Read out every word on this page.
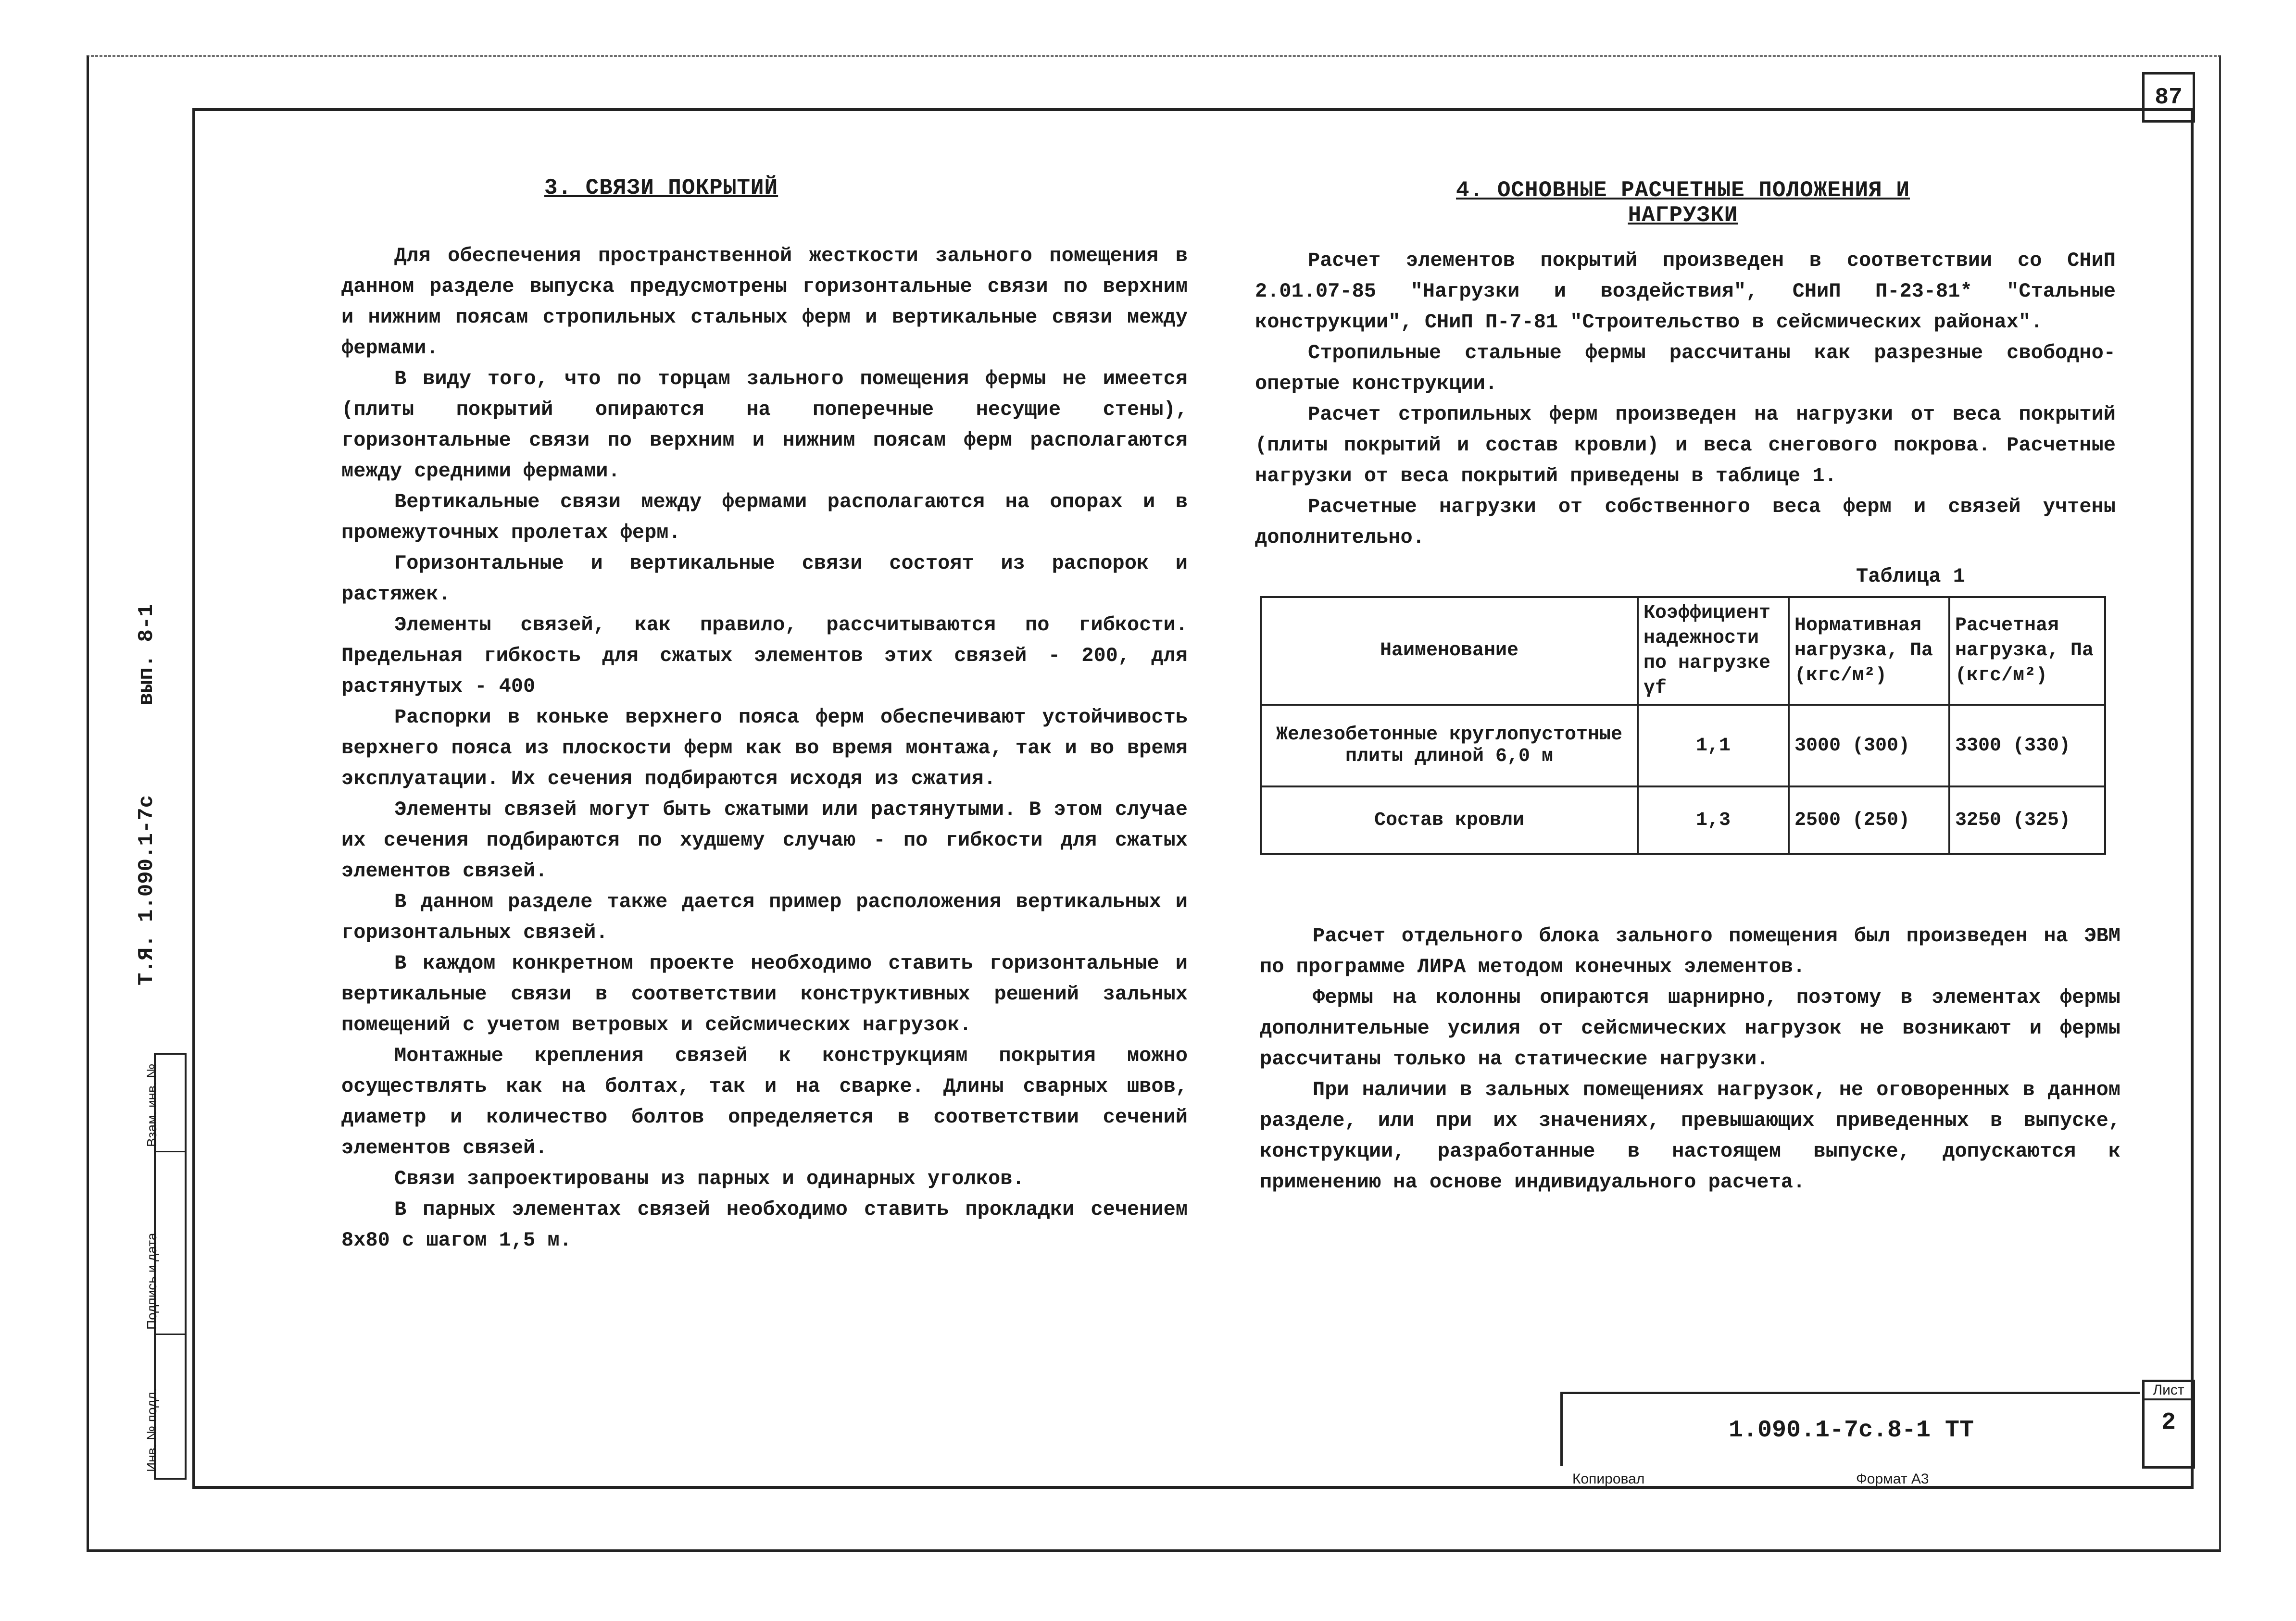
87
Т.Я. 1.090.1-7с вып. 8-1
Взам. инв. №
Подпись и дата
Инв. № подл.
3. СВЯЗИ ПОКРЫТИЙ

Для обеспечения пространственной жесткости зального помещения в данном разделе выпуска предусмотрены горизонтальные связи по верхним и нижним поясам стропильных стальных ферм и вертикальные связи между фермами.

В виду того, что по торцам зального помещения фермы не имеется (плиты покрытий опираются на поперечные несущие стены), горизонтальные связи по верхним и нижним поясам ферм располагаются между средними фермами.

Вертикальные связи между фермами располагаются на опорах и в промежуточных пролетах ферм.

Горизонтальные и вертикальные связи состоят из распорок и растяжек.

Элементы связей, как правило, рассчитываются по гибкости. Предельная гибкость для сжатых элементов этих связей - 200, для растянутых - 400

Распорки в коньке верхнего пояса ферм обеспечивают устойчивость верхнего пояса из плоскости ферм как во время монтажа, так и во время эксплуатации. Их сечения подбираются исходя из сжатия.

Элементы связей могут быть сжатыми или растянутыми. В этом случае их сечения подбираются по худшему случаю - по гибкости для сжатых элементов связей.

В данном разделе также дается пример расположения вертикальных и горизонтальных связей.

В каждом конкретном проекте необходимо ставить горизонтальные и вертикальные связи в соответствии конструктивных решений зальных помещений с учетом ветровых и сейсмических нагрузок.

Монтажные крепления связей к конструкциям покрытия можно осуществлять как на болтах, так и на сварке. Длины сварных швов, диаметр и количество болтов определяется в соответствии сечений элементов связей.

Связи запроектированы из парных и одинарных уголков.

В парных элементах связей необходимо ставить прокладки сечением 8х80 с шагом 1,5 м.

4. ОСНОВНЫЕ РАСЧЕТНЫЕ ПОЛОЖЕНИЯ И
НАГРУЗКИ

Расчет элементов покрытий произведен в соответствии со СНиП 2.01.07-85 "Нагрузки и воздействия", СНиП П-23-81* "Стальные конструкции", СНиП П-7-81 "Строительство в сейсмических районах".

Стропильные стальные фермы рассчитаны как разрезные свободно-опертые конструкции.

Расчет стропильных ферм произведен на нагрузки от веса покрытий (плиты покрытий и состав кровли) и веса снегового покрова. Расчетные нагрузки от веса покрытий приведены в таблице 1.

Расчетные нагрузки от собственного веса ферм и связей учтены дополнительно.

Таблица 1
Наименование	Коэффициент надежности по нагрузке γf	Нормативная нагрузка, Па (кгс/м²)	Расчетная нагрузка, Па (кгс/м²)
Железобетонные круглопустотные плиты длиной 6,0 м	1,1	3000 (300)	3300 (330)
Состав кровли	1,3	2500 (250)	3250 (325)

Расчет отдельного блока зального помещения был произведен на ЭВМ по программе ЛИРА методом конечных элементов.

Фермы на колонны опираются шарнирно, поэтому в элементах фермы дополнительные усилия от сейсмических нагрузок не возникают и фермы рассчитаны только на статические нагрузки.

При наличии в зальных помещениях нагрузок, не оговоренных в данном разделе, или при их значениях, превышающих приведенных в выпуске, конструкции, разработанные в настоящем выпуске, допускаются к применению на основе индивидуального расчета.

1.090.1-7с.8-1 ТТ
Лист
2
Копировал	Формат А3
